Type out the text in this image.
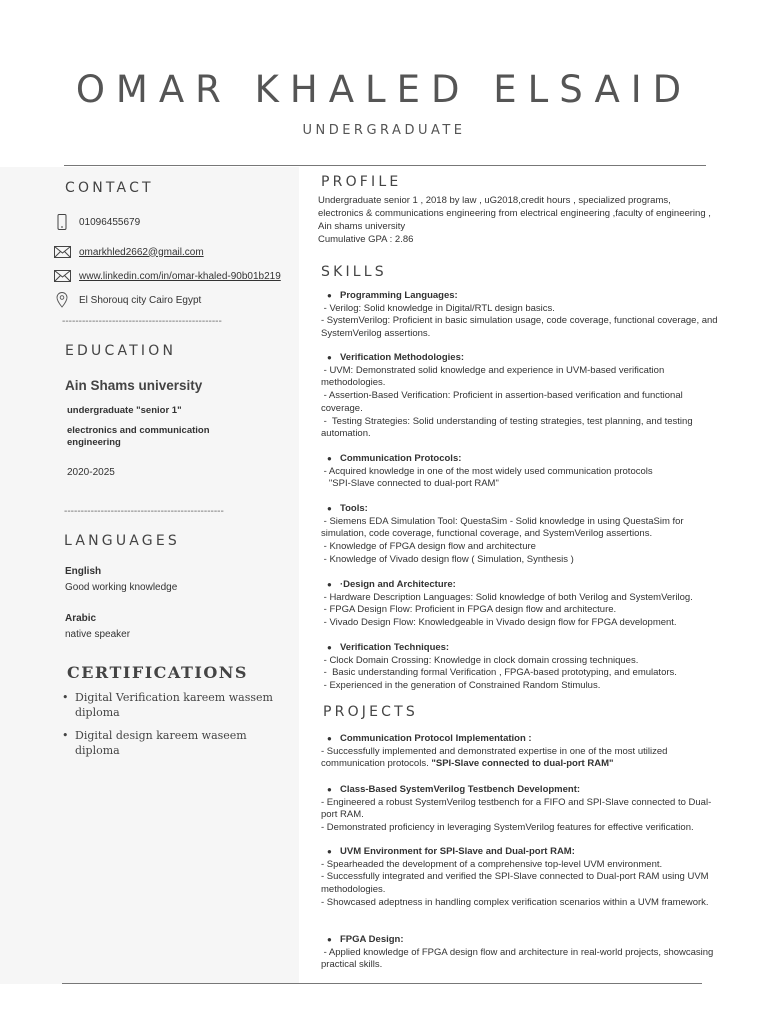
OMAR KHALED ELSAID
UNDERGRADUATE
CONTACT
01096455679
omarkhled2662@gmail.com
www.linkedin.com/in/omar-khaled-90b01b219
El Shorouq city Cairo Egypt
------------------------------------------------
EDUCATION
Ain Shams university
undergraduate "senior 1"
electronics and communication engineering
2020-2025
------------------------------------------------
LANGUAGES
English
Good working knowledge
Arabic
native speaker
CERTIFICATIONS
• Digital Verification kareem wassem diploma
• Digital design kareem waseem diploma
PROFILE
Undergraduate senior 1 , 2018 by law , uG2018,credit hours , specialized programs, electronics & communications engineering from electrical engineering ,faculty of engineering , Ain shams university
Cumulative GPA : 2.86
SKILLS
● Programming Languages:
- Verilog: Solid knowledge in Digital/RTL design basics.
- SystemVerilog: Proficient in basic simulation usage, code coverage, functional coverage, and SystemVerilog assertions.
● Verification Methodologies:
- UVM: Demonstrated solid knowledge and experience in UVM-based verification methodologies.
- Assertion-Based Verification: Proficient in assertion-based verification and functional coverage.
-  Testing Strategies: Solid understanding of testing strategies, test planning, and testing automation.
● Communication Protocols:
- Acquired knowledge in one of the most widely used communication protocols
"SPI-Slave connected to dual-port RAM"
● Tools:
- Siemens EDA Simulation Tool: QuestaSim - Solid knowledge in using QuestaSim for simulation, code coverage, functional coverage, and SystemVerilog assertions.
- Knowledge of FPGA design flow and architecture
- Knowledge of Vivado design flow ( Simulation, Synthesis )
● ·Design and Architecture:
- Hardware Description Languages: Solid knowledge of both Verilog and SystemVerilog.
- FPGA Design Flow: Proficient in FPGA design flow and architecture.
- Vivado Design Flow: Knowledgeable in Vivado design flow for FPGA development.
● Verification Techniques:
- Clock Domain Crossing: Knowledge in clock domain crossing techniques.
-  Basic understanding formal Verification , FPGA-based prototyping, and emulators.
- Experienced in the generation of Constrained Random Stimulus.
PROJECTS
● Communication Protocol Implementation :
- Successfully implemented and demonstrated expertise in one of the most utilized communication protocols. "SPI-Slave connected to dual-port RAM"
● Class-Based SystemVerilog Testbench Development:
- Engineered a robust SystemVerilog testbench for a FIFO and SPI-Slave connected to Dual-port RAM.
- Demonstrated proficiency in leveraging SystemVerilog features for effective verification.
● UVM Environment for SPI-Slave and Dual-port RAM:
- Spearheaded the development of a comprehensive top-level UVM environment.
- Successfully integrated and verified the SPI-Slave connected to Dual-port RAM using UVM methodologies.
- Showcased adeptness in handling complex verification scenarios within a UVM framework.
● FPGA Design:
- Applied knowledge of FPGA design flow and architecture in real-world projects, showcasing practical skills.
